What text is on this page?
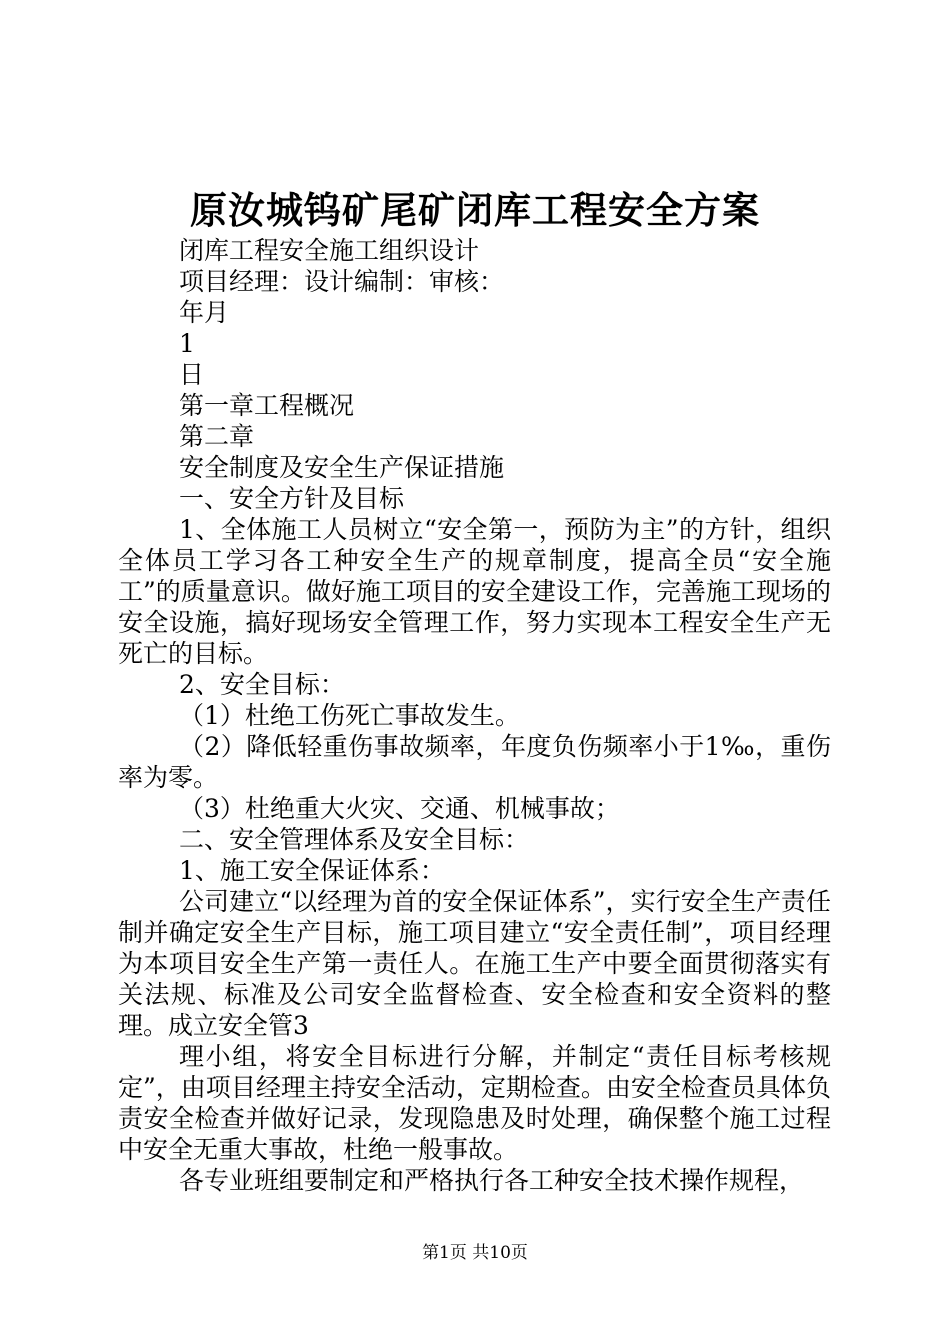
原汝城钨矿尾矿闭库工程安全方案

闭库工程安全施工组织设计

项目经理：设计编制：审核：

年月

1

日

第一章工程概况

第二章

安全制度及安全生产保证措施

一、安全方针及目标

1、全体施工人员树立“安全第一，预防为主”的方针，组织全体员工学习各工种安全生产的规章制度，提高全员“安全施工”的质量意识。做好施工项目的安全建设工作，完善施工现场的安全设施，搞好现场安全管理工作，努力实现本工程安全生产无死亡的目标。

2、安全目标：

（1）杜绝工伤死亡事故发生。

（2）降低轻重伤事故频率，年度负伤频率小于1‰，重伤率为零。

（3）杜绝重大火灾、交通、机械事故；

二、安全管理体系及安全目标：

1、施工安全保证体系：

公司建立“以经理为首的安全保证体系”，实行安全生产责任制并确定安全生产目标，施工项目建立“安全责任制”，项目经理为本项目安全生产第一责任人。在施工生产中要全面贯彻落实有关法规、标准及公司安全监督检查、安全检查和安全资料的整理。成立安全管3

理小组，将安全目标进行分解，并制定“责任目标考核规定”，由项目经理主持安全活动，定期检查。由安全检查员具体负责安全检查并做好记录，发现隐患及时处理，确保整个施工过程中安全无重大事故，杜绝一般事故。

各专业班组要制定和严格执行各工种安全技术操作规程，

第1页 共10页
